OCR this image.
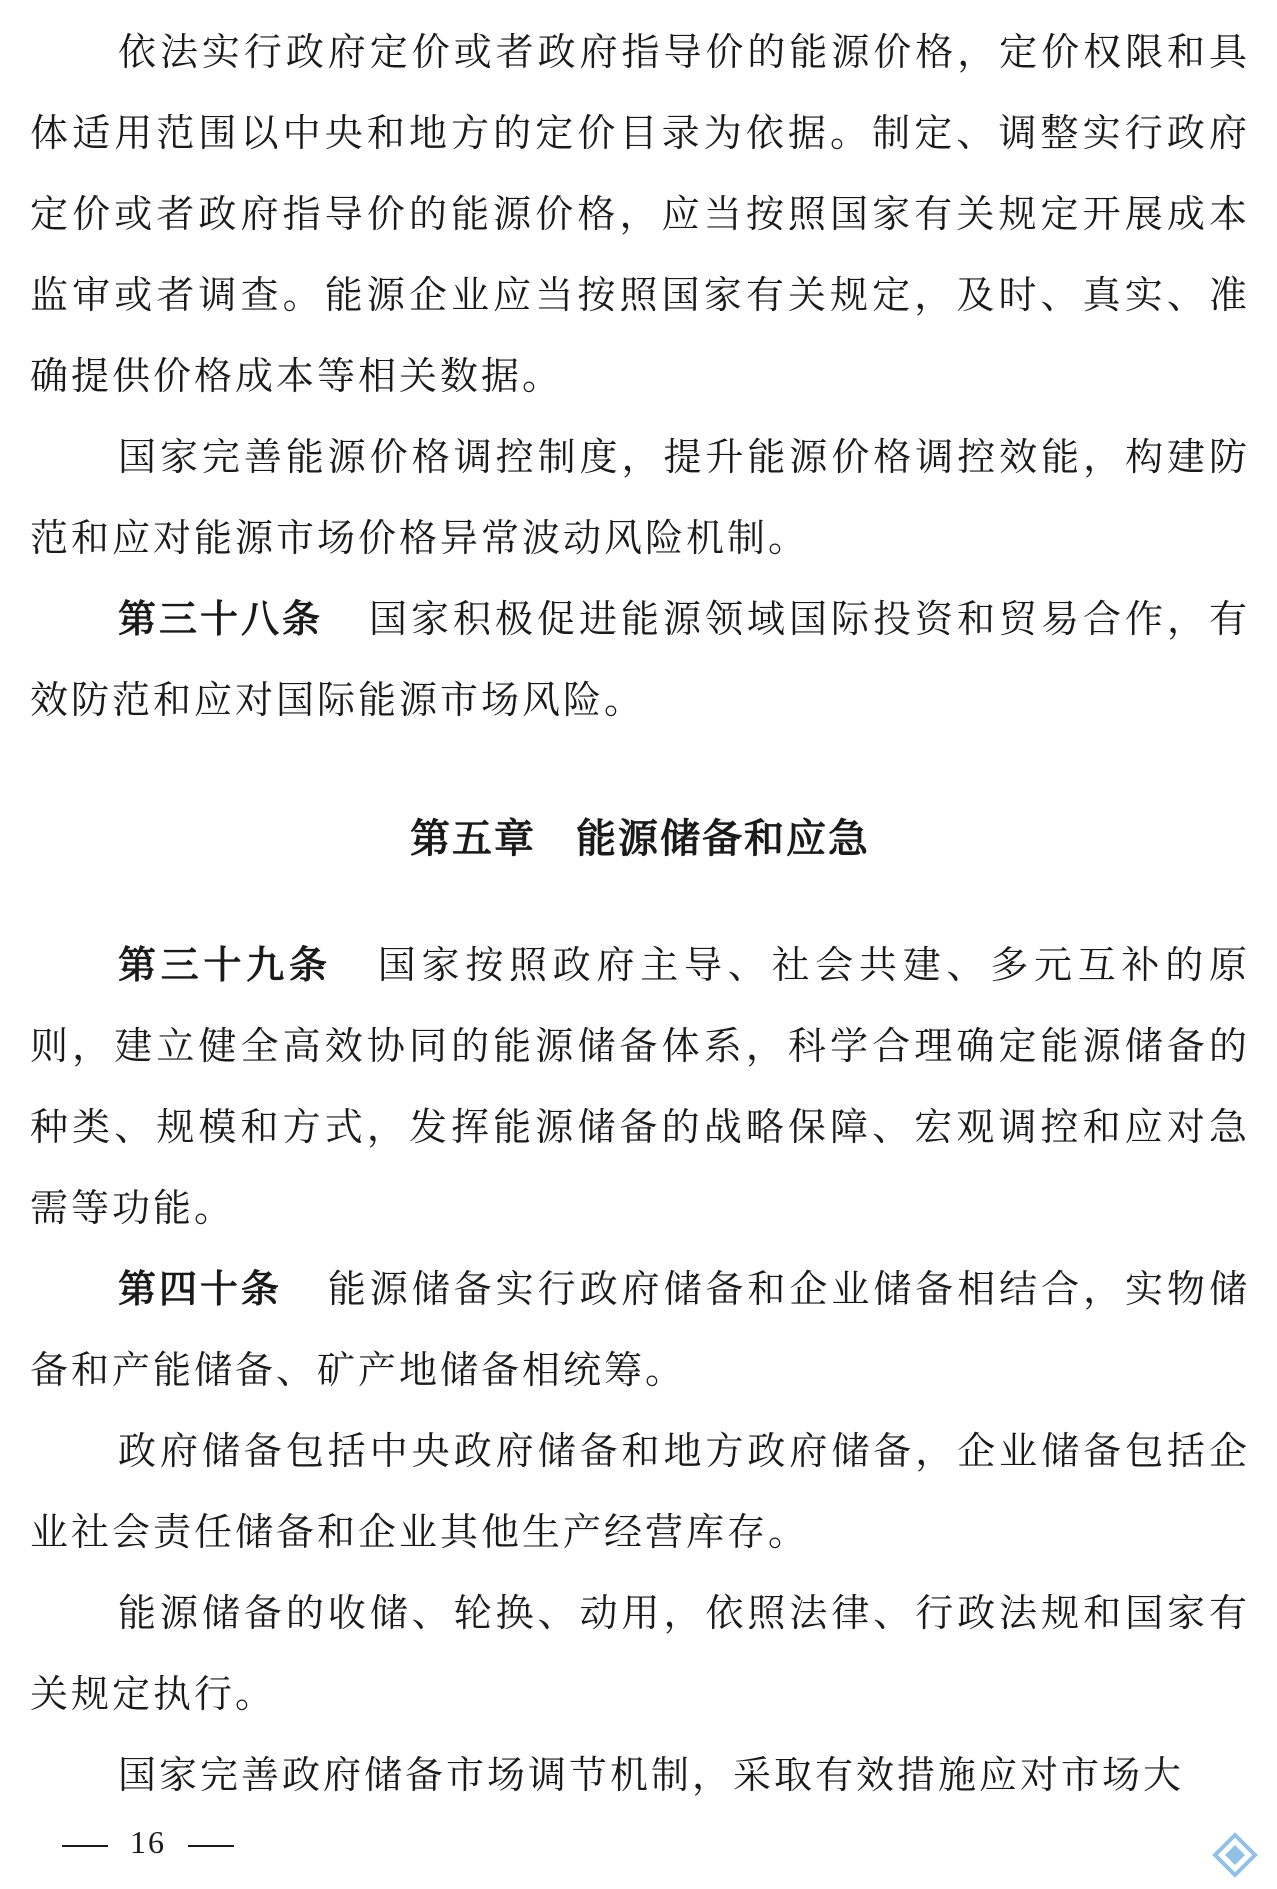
依法实行政府定价或者政府指导价的能源价格，定价权限和具体适用范围以中央和地方的定价目录为依据。制定、调整实行政府定价或者政府指导价的能源价格，应当按照国家有关规定开展成本监审或者调查。能源企业应当按照国家有关规定，及时、真实、准确提供价格成本等相关数据。

国家完善能源价格调控制度，提升能源价格调控效能，构建防范和应对能源市场价格异常波动风险机制。

第三十八条 国家积极促进能源领域国际投资和贸易合作，有效防范和应对国际能源市场风险。

第五章 能源储备和应急

第三十九条 国家按照政府主导、社会共建、多元互补的原则，建立健全高效协同的能源储备体系，科学合理确定能源储备的种类、规模和方式，发挥能源储备的战略保障、宏观调控和应对急需等功能。

第四十条 能源储备实行政府储备和企业储备相结合，实物储备和产能储备、矿产地储备相统筹。

政府储备包括中央政府储备和地方政府储备，企业储备包括企业社会责任储备和企业其他生产经营库存。

能源储备的收储、轮换、动用，依照法律、行政法规和国家有关规定执行。

国家完善政府储备市场调节机制，采取有效措施应对市场大

16
